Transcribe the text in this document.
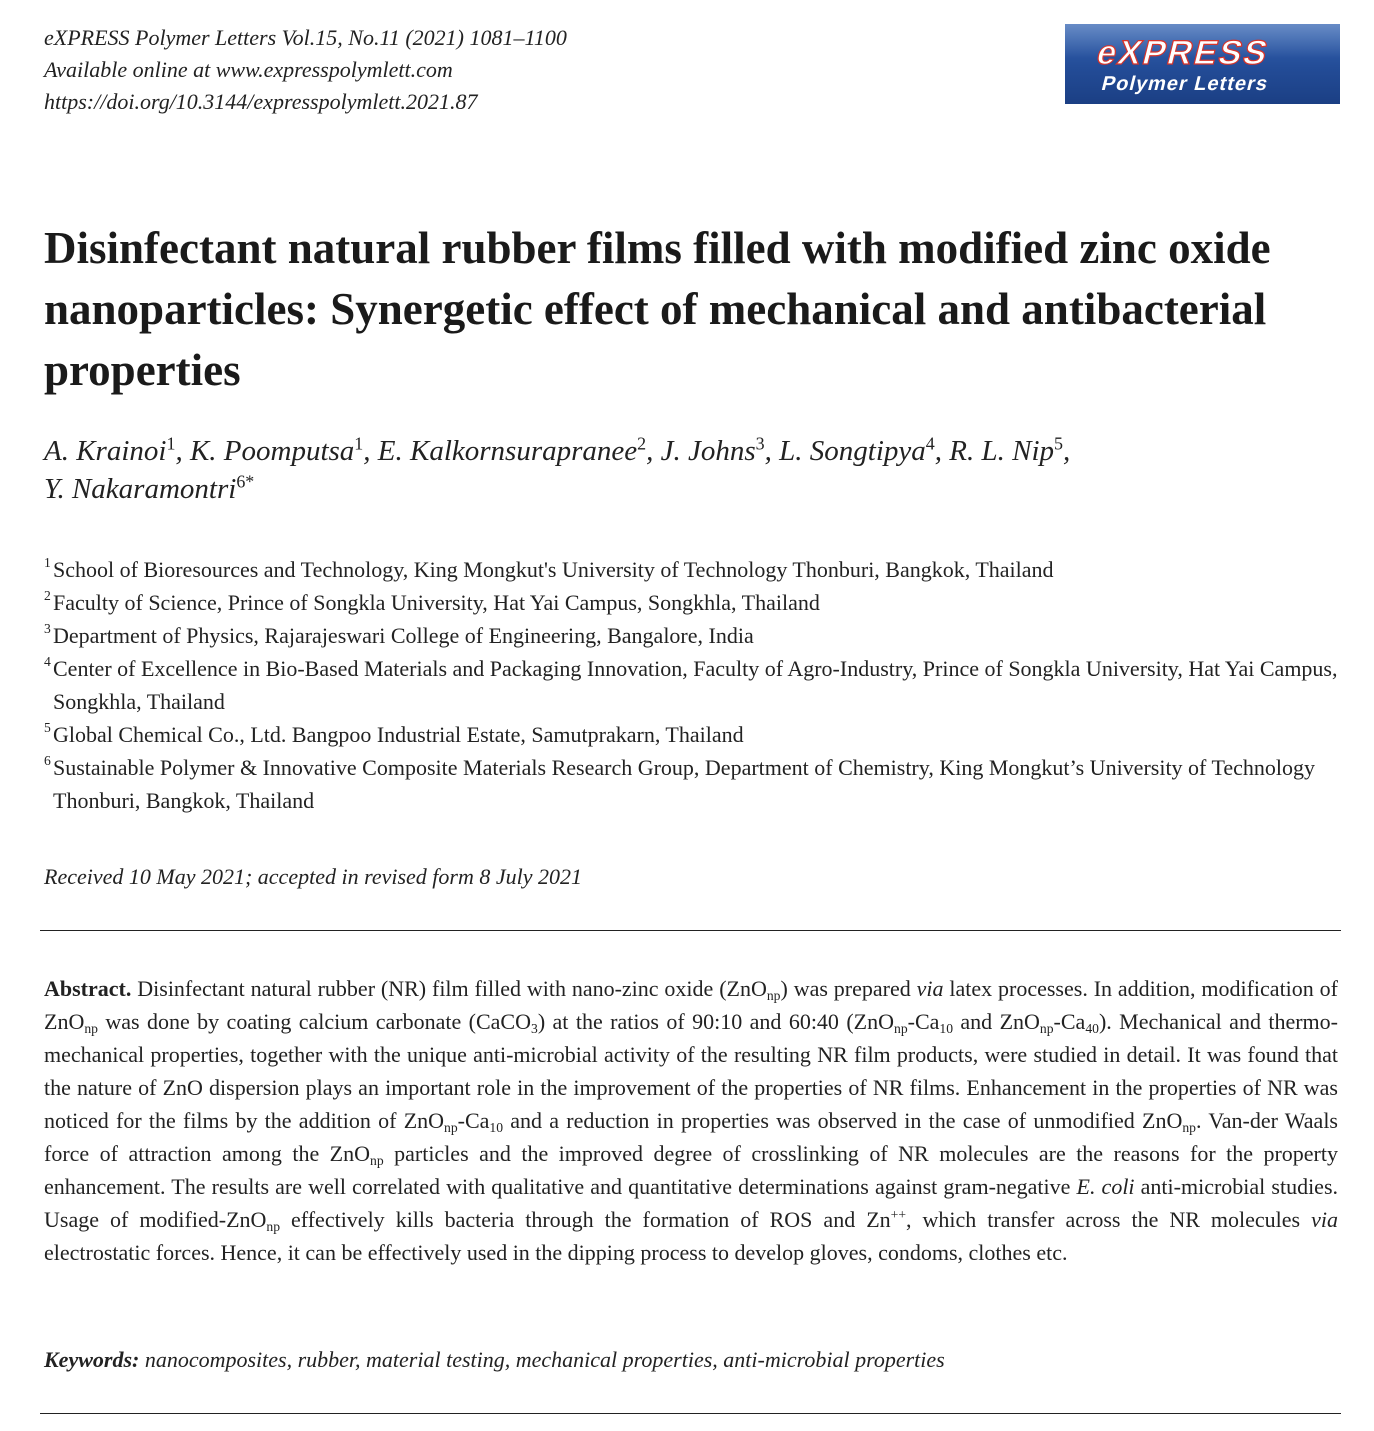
eXPRESS Polymer Letters Vol.15, No.11 (2021) 1081–1100
Available online at www.expresspolymlett.com
https://doi.org/10.3144/expresspolymlett.2021.87
eXPRESS
Polymer Letters
Disinfectant natural rubber films filled with modified zinc oxide nanoparticles: Synergetic effect of mechanical and antibacterial properties
A. Krainoi$^1$, K. Poomputsa$^1$, E. Kalkornsurapranee$^2$, J. Johns$^3$, L. Songtipya$^4$, R. L. Nip$^5$,
Y. Nakaramontri$^{6*}$
1 School of Bioresources and Technology, King Mongkut's University of Technology Thonburi, Bangkok, Thailand
2 Faculty of Science, Prince of Songkla University, Hat Yai Campus, Songkhla, Thailand
3 Department of Physics, Rajarajeswari College of Engineering, Bangalore, India
4 Center of Excellence in Bio-Based Materials and Packaging Innovation, Faculty of Agro-Industry, Prince of Songkla University, Hat Yai Campus, Songkhla, Thailand
5 Global Chemical Co., Ltd. Bangpoo Industrial Estate, Samutprakarn, Thailand
6 Sustainable Polymer & Innovative Composite Materials Research Group, Department of Chemistry, King Mongkut’s University of Technology Thonburi, Bangkok, Thailand
Received 10 May 2021; accepted in revised form 8 July 2021
Abstract. Disinfectant natural rubber (NR) film filled with nano-zinc oxide (ZnO$_{np}$) was prepared via latex processes. In addition, modification of ZnO$_{np}$ was done by coating calcium carbonate (CaCO$_3$) at the ratios of 90:10 and 60:40 ($ZnO_{np}-Ca_{10}$ and $ZnO_{np}-Ca_{40}$). Mechanical and thermo-mechanical properties, together with the unique anti-microbial activity of the resulting NR film products, were studied in detail. It was found that the nature of ZnO dispersion plays an important role in the improvement of the properties of NR films. Enhancement in the properties of NR was noticed for the films by the addition of $ZnO_{np}-Ca_{10}$ and a reduction in properties was observed in the case of unmodified ZnO$_{np}$. Van-der Waals force of attraction among the ZnO$_{np}$ particles and the improved degree of crosslinking of NR molecules are the reasons for the property enhancement. The results are well correlated with qualitative and quantitative determinations against gram-negative E. coli anti-microbial studies. Usage of modified-ZnO$_{np}$ effectively kills bacteria through the formation of ROS and Zn++, which transfer across the NR molecules via electrostatic forces. Hence, it can be effectively used in the dipping process to develop gloves, condoms, clothes etc.
Keywords: nanocomposites, rubber, material testing, mechanical properties, anti-microbial properties
